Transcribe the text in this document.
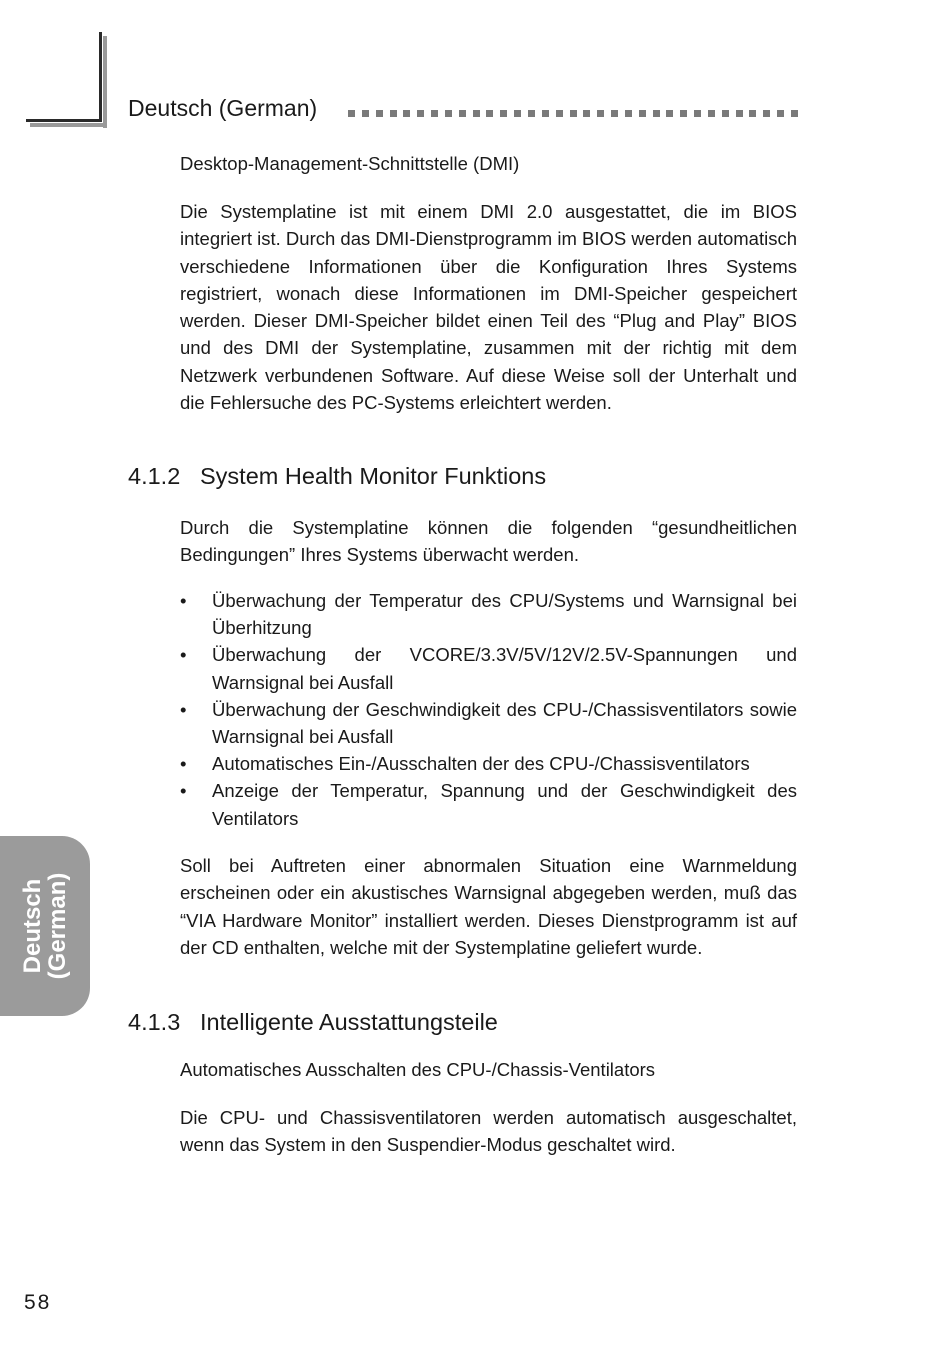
Deutsch (German)
Deutsch
(German)
Desktop-Management-Schnittstelle (DMI)
Die Systemplatine ist mit einem DMI 2.0 ausgestattet, die im BIOS integriert ist. Durch das DMI-Dienstprogramm im BIOS werden automatisch verschiedene Informationen über die Konfiguration Ihres Systems registriert, wonach diese Informationen im DMI-Speicher gespeichert werden. Dieser DMI-Speicher bildet einen Teil des “Plug and Play” BIOS und des DMI der Systemplatine, zusammen mit der richtig mit dem Netzwerk verbundenen Software. Auf diese Weise soll der Unterhalt und die Fehlersuche des PC-Systems erleichtert werden.
4.1.2 System Health Monitor Funktions
Durch die Systemplatine können die folgenden “gesundheitlichen Bedingungen” Ihres Systems überwacht werden.
• Überwachung der Temperatur des CPU/Systems und Warnsignal bei Überhitzung
• Überwachung der VCORE/3.3V/5V/12V/2.5V-Spannungen und Warnsignal bei Ausfall
• Überwachung der Geschwindigkeit des CPU-/Chassisventilators sowie Warnsignal bei Ausfall
• Automatisches Ein-/Ausschalten der des CPU-/Chassisventilators
• Anzeige der Temperatur, Spannung und der Geschwindigkeit des Ventilators
Soll bei Auftreten einer abnormalen Situation eine Warnmeldung erscheinen oder ein akustisches Warnsignal abgegeben werden, muß das “VIA Hardware Monitor” installiert werden. Dieses Dienstprogramm ist auf der CD enthalten, welche mit der Systemplatine geliefert wurde.
4.1.3 Intelligente Ausstattungsteile
Automatisches Ausschalten des CPU-/Chassis-Ventilators
Die CPU- und Chassisventilatoren werden automatisch ausgeschaltet, wenn das System in den Suspendier-Modus geschaltet wird.
58
